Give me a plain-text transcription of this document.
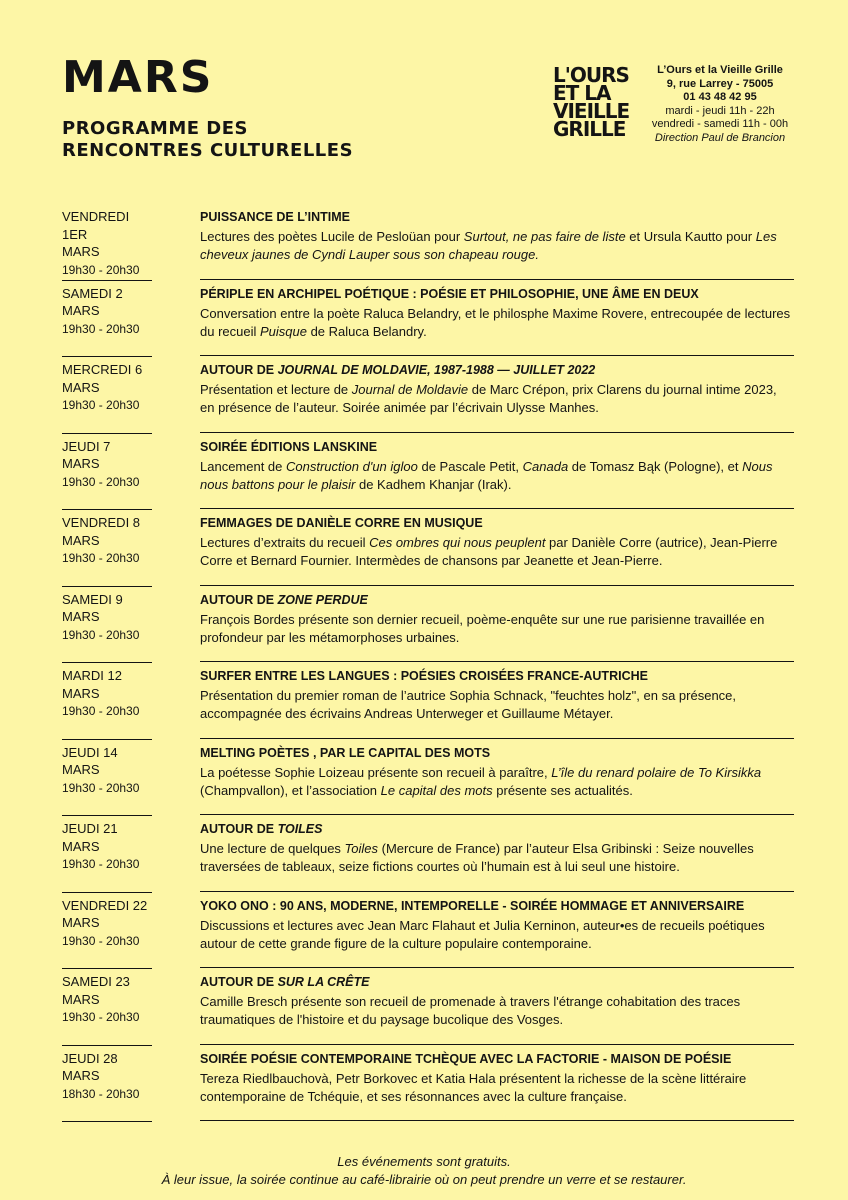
MARS
PROGRAMME DES
RENCONTRES CULTURELLES
L'OURS
ET LA
VIEILLE
GRILLE
L’Ours et la Vieille Grille
9, rue Larrey - 75005
01 43 48 42 95
mardi - jeudi 11h - 22h
vendredi - samedi 11h - 00h
Direction Paul de Brancion
VENDREDI 1ER
MARS
19h30 - 20h30
PUISSANCE DE L’INTIME
Lectures des poètes Lucile de Pesloüan pour Surtout, ne pas faire de liste et Ursula Kautto pour Les cheveux jaunes de Cyndi Lauper sous son chapeau rouge.
SAMEDI 2
MARS
19h30 - 20h30
PÉRIPLE EN ARCHIPEL POÉTIQUE : POÉSIE ET PHILOSOPHIE, UNE ÂME EN DEUX
Conversation entre la poète Raluca Belandry, et le philosphe Maxime Rovere, entrecoupée de lectures du recueil Puisque de Raluca Belandry.
MERCREDI 6
MARS
19h30 - 20h30
AUTOUR DE JOURNAL DE MOLDAVIE, 1987-1988 — JUILLET 2022
Présentation et lecture de Journal de Moldavie de Marc Crépon, prix Clarens du journal intime 2023, en présence de l’auteur. Soirée animée par l’écrivain Ulysse Manhes.
JEUDI 7
MARS
19h30 - 20h30
SOIRÉE ÉDITIONS LANSKINE
Lancement de Construction d'un igloo de Pascale Petit, Canada de Tomasz Bąk (Pologne), et Nous nous battons pour le plaisir de Kadhem Khanjar (Irak).
VENDREDI 8
MARS
19h30 - 20h30
FEMMAGES DE DANIÈLE CORRE EN MUSIQUE
Lectures d’extraits du recueil Ces ombres qui nous peuplent par Danièle Corre (autrice), Jean-Pierre Corre et Bernard Fournier. Intermèdes de chansons par Jeanette et Jean-Pierre.
SAMEDI 9
MARS
19h30 - 20h30
AUTOUR DE ZONE PERDUE
François Bordes présente son dernier recueil, poème-enquête sur une rue parisienne travaillée en profondeur par les métamorphoses urbaines.
MARDI 12
MARS
19h30 - 20h30
SURFER ENTRE LES LANGUES : POÉSIES CROISÉES FRANCE-AUTRICHE
Présentation du premier roman de l’autrice Sophia Schnack, "feuchtes holz", en sa présence, accompagnée des écrivains Andreas Unterweger et Guillaume Métayer.
JEUDI 14
MARS
19h30 - 20h30
MELTING POÈTES , PAR LE CAPITAL DES MOTS
La poétesse Sophie Loizeau présente son recueil à paraître, L’île du renard polaire de To Kirsikka (Champvallon), et l’association Le capital des mots présente ses actualités.
JEUDI 21
MARS
19h30 - 20h30
AUTOUR DE TOILES
Une lecture de quelques Toiles (Mercure de France) par l’auteur Elsa Gribinski : Seize nouvelles traversées de tableaux, seize fictions courtes où l’humain est à lui seul une histoire.
VENDREDI 22
MARS
19h30 - 20h30
YOKO ONO : 90 ANS, MODERNE, INTEMPORELLE - SOIRÉE HOMMAGE ET ANNIVERSAIRE
Discussions et lectures avec Jean Marc Flahaut et Julia Kerninon, auteur•es de recueils poétiques autour de cette grande figure de la culture populaire contemporaine.
SAMEDI 23
MARS
19h30 - 20h30
AUTOUR DE SUR LA CRÊTE
Camille Bresch présente son recueil de promenade à travers l'étrange cohabitation des traces traumatiques de l'histoire et du paysage bucolique des Vosges.
JEUDI 28
MARS
18h30 - 20h30
SOIRÉE POÉSIE CONTEMPORAINE TCHÈQUE AVEC LA FACTORIE - MAISON DE POÉSIE
Tereza Riedlbauchovà, Petr Borkovec et Katia Hala présentent la richesse de la scène littéraire contemporaine de Tchéquie, et ses résonnances avec la culture française.
Les événements sont gratuits.
À leur issue, la soirée continue au café-librairie où on peut prendre un verre et se restaurer.
